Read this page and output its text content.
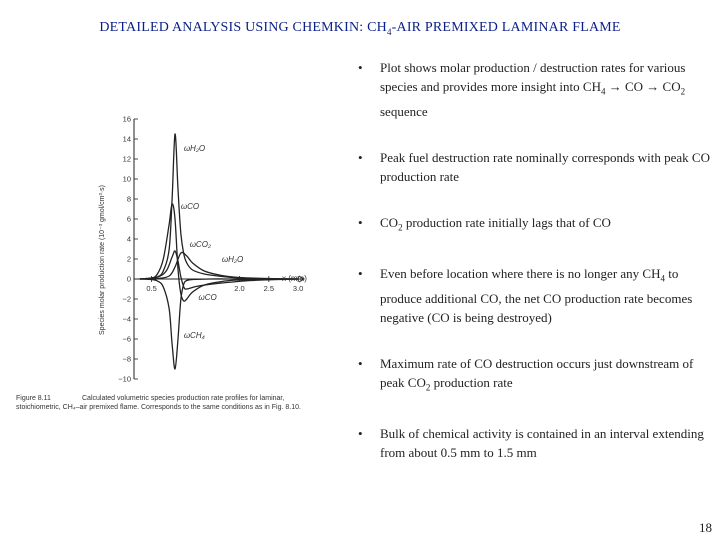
DETAILED ANALYSIS USING CHEMKIN: $CH_4$-AIR PREMIXED LAMINAR FLAME
16
14
12
10
8
6
4
2
0
−2
−4
−6
−8
−10
0.5	2.0	2.5	3.0
ωH₂O
ωCO
ωCO₂
ωH₂O
ωCO
ωCH₄
Species molar production rate (10⁻³ gmol/cm³·s)	x (mm)
Figure 8.11	Calculated volumetric species production rate profiles for laminar,
stoichiometric, CH₄–air premixed flame. Corresponds to the same conditions as in Fig. 8.10.
• Plot shows molar production / destruction rates for various species and provides more insight into $CH_4$ → CO → $CO_2$ sequence
• Peak fuel destruction rate nominally corresponds with peak CO production rate
• $CO_2$ production rate initially lags that of CO
• Even before location where there is no longer any $CH_4$ to produce additional CO, the net CO production rate becomes negative (CO is being destroyed)
• Maximum rate of CO destruction occurs just downstream of peak $CO_2$ production rate
• Bulk of chemical activity is contained in an interval extending from about 0.5 mm to 1.5 mm
18
